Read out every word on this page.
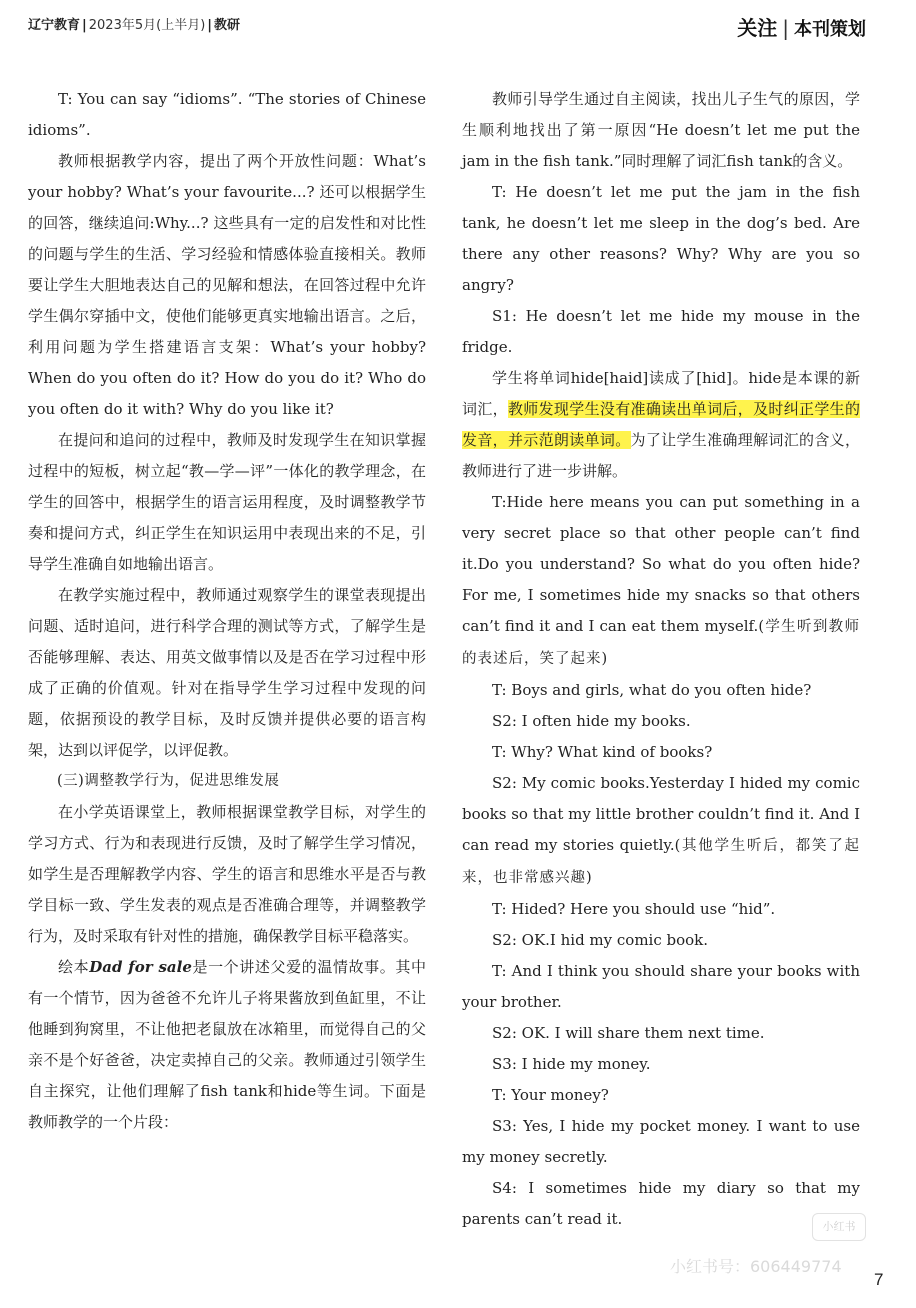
辽宁教育 | 2023年5月(上半月) | 教研	关注 | 本刊策划

T: You can say “idioms”. “The stories of Chinese idioms”.

教师根据教学内容，提出了两个开放性问题：What’s your hobby? What’s your favourite...? 还可以根据学生的回答，继续追问:Why...? 这些具有一定的启发性和对比性的问题与学生的生活、学习经验和情感体验直接相关。教师要让学生大胆地表达自己的见解和想法，在回答过程中允许学生偶尔穿插中文，使他们能够更真实地输出语言。之后，利用问题为学生搭建语言支架：What’s your hobby? When do you often do it? How do you do it? Who do you often do it with? Why do you like it?

在提问和追问的过程中，教师及时发现学生在知识掌握过程中的短板，树立起“教—学—评”一体化的教学理念，在学生的回答中，根据学生的语言运用程度，及时调整教学节奏和提问方式，纠正学生在知识运用中表现出来的不足，引导学生准确自如地输出语言。

在教学实施过程中，教师通过观察学生的课堂表现提出问题、适时追问，进行科学合理的测试等方式，了解学生是否能够理解、表达、用英文做事情以及是否在学习过程中形成了正确的价值观。针对在指导学生学习过程中发现的问题，依据预设的教学目标，及时反馈并提供必要的语言构架，达到以评促学，以评促教。

(三)调整教学行为，促进思维发展

在小学英语课堂上，教师根据课堂教学目标，对学生的学习方式、行为和表现进行反馈，及时了解学生学习情况，如学生是否理解教学内容、学生的语言和思维水平是否与教学目标一致、学生发表的观点是否准确合理等，并调整教学行为，及时采取有针对性的措施，确保教学目标平稳落实。

绘本Dad for sale是一个讲述父爱的温情故事。其中有一个情节，因为爸爸不允许儿子将果酱放到鱼缸里，不让他睡到狗窝里，不让他把老鼠放在冰箱里，而觉得自己的父亲不是个好爸爸，决定卖掉自己的父亲。教师通过引领学生自主探究，让他们理解了fish tank和hide等生词。下面是教师教学的一个片段：

教师引导学生通过自主阅读，找出儿子生气的原因，学生顺利地找出了第一原因“He doesn’t let me put the jam in the fish tank.”同时理解了词汇fish tank的含义。

T: He doesn’t let me put the jam in the fish tank, he doesn’t let me sleep in the dog’s bed. Are there any other reasons? Why? Why are you so angry?

S1: He doesn’t let me hide my mouse in the fridge.

学生将单词hide[haid]读成了[hid]。hide是本课的新词汇，教师发现学生没有准确读出单词后，及时纠正学生的发音，并示范朗读单词。为了让学生准确理解词汇的含义，教师进行了进一步讲解。

T:Hide here means you can put something in a very secret place so that other people can’t find it.Do you understand? So what do you often hide? For me, I sometimes hide my snacks so that others can’t find it and I can eat them myself.(学生听到教师的表述后，笑了起来)

T: Boys and girls, what do you often hide?

S2: I often hide my books.

T: Why? What kind of books?

S2: My comic books.Yesterday I hided my comic books so that my little brother couldn’t find it. And I can read my stories quietly.(其他学生听后，都笑了起来，也非常感兴趣)

T: Hided? Here you should use “hid”.

S2: OK.I hid my comic book.

T: And I think you should share your books with your brother.

S2: OK. I will share them next time.

S3: I hide my money.

T: Your money?

S3: Yes, I hide my pocket money. I want to use my money secretly.

S4: I sometimes hide my diary so that my parents can’t read it.	小红书
小红书号：606449774
7
